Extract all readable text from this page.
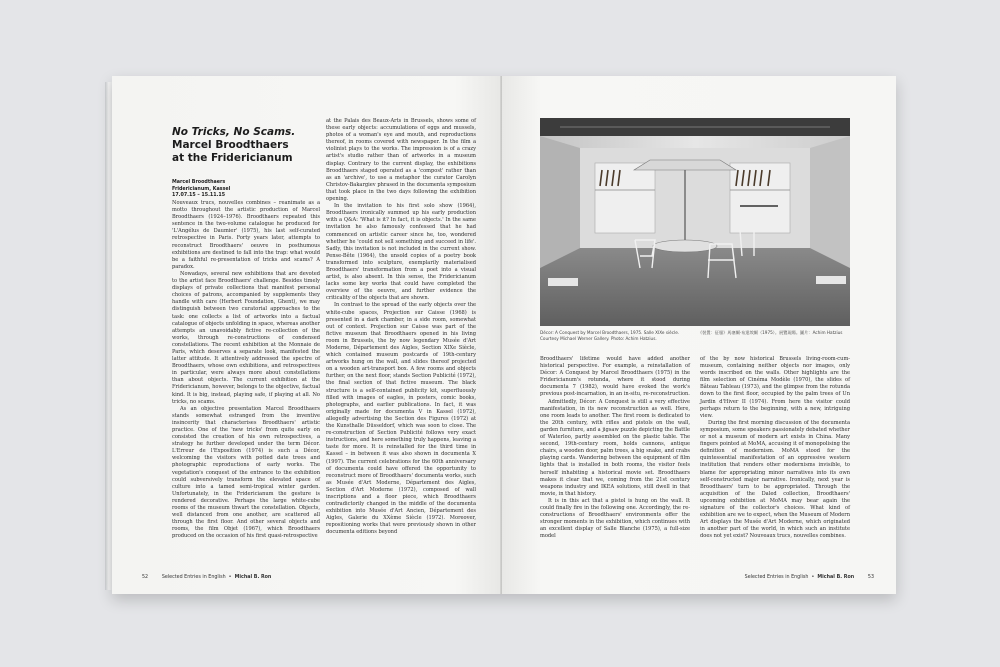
No Tricks, No Scams.
Marcel Broodthaers
at the Fridericianum
Marcel Broodthaers
Fridericianum, Kassel
17.07.15 – 15.11.15

Nouveaux trucs, nouvelles combines – reanimate as a motto throughout the artistic production of Marcel Broodthaers (1924–1976). Broodthaers repeated this sentence in the two-volume catalogue he produced for 'L'Angélus de Daumier' (1975), his last self-curated retrospective in Paris. Forty years later, attempts to reconstruct Broodthaers' oeuvre in posthumous exhibitions are destined to fall into the trap: what would be a faithful re-presentation of tricks and scams? A paradox.

Nowadays, several new exhibitions that are devoted to the artist face Broodthaers' challenge. Besides timely displays of private collections that manifest personal choices of patrons, accompanied by supplements they handle with care (Herbert Foundation, Ghent), we may distinguish between two curatorial approaches to the task: one collects a list of artworks into a factual catalogue of objects unfolding in space, whereas another attempts an unavoidably fictive re-collection of the works, through re-constructions of condensed constellations. The recent exhibition at the Monnaie de Paris, which deserves a separate look, manifested the latter attitude. It attentively addressed the spectre of Broodthaers, whose own exhibitions, and retrospectives in particular, were always more about constellations than about objects. The current exhibition at the Fridericianum, however, belongs to the objective, factual kind. It is big, instead, playing safe, if playing at all. No tricks, no scams.

As an objective presentation Marcel Broodthaers stands somewhat estranged from the inventive insincerity that characterises Broodthaers' artistic practice. One of the 'new tricks' from quite early on consisted the creation of his own retrospectives, a strategy he further developed under the term Décor. L'Erreur de l'Exposition (1974) is such a Décor, welcoming the visitors with potted date trees and photographic reproductions of early works. The vegetation's conquest of the entrance to the exhibition could subversively transform the elevated space of culture into a tamed semi-tropical winter garden. Unfortunately, in the Fridericianum the gesture is rendered decorative. Perhaps the large white-cube rooms of the museum thwart the constellation. Objects, well distanced from one another, are scattered all through the first floor. And other several objects and rooms, the film Objet (1967), which Broodthaers produced on the occasion of his first quasi-retrospective

at the Palais des Beaux-Arts in Brussels, shows some of these early objects: accumulations of eggs and mussels, photos of a woman's eye and mouth, and reproductions thereof, in rooms covered with newspaper. In the film a violinist plays to the works. The impression is of a crazy artist's studio rather than of artworks in a museum display. Contrary to the current display, the exhibitions Broodthaers staged operated as a 'compost' rather than as an 'archive', to use a metaphor the curator Carolyn Christov-Bakargiev phrased in the documenta symposium that took place in the two days following the exhibition opening.

In the invitation to his first solo show (1964), Broodthaers ironically summed up his early production with a Q&A: 'What is it? In fact, it is objects.' In the same invitation he also famously confessed that he had commenced on artistic career since he, too, wondered whether he 'could not sell something and succeed in life'. Sadly, this invitation is not included in the current show. Pense-Bête (1964), the unsold copies of a poetry book transformed into sculpture, exemplarily materialised Broodthaers' transformation from a poet into a visual artist, is also absent. In this sense, the Fridericianum lacks some key works that could have completed the overview of the oeuvre, and further evidence the criticality of the objects that are shown.

In contrast to the spread of the early objects over the white-cube spaces, Projection sur Caisse (1968) is presented in a dark chamber, in a side room, somewhat out of context. Projection sur Caisse was part of the fictive museum that Broodthaers opened in his living room in Brussels, the by now legendary Musée d'Art Moderne, Département des Aigles, Section XIXe Siècle, which contained museum postcards of 19th-century artworks hung on the wall, and slides thereof projected on a wooden art-transport box. A few rooms and objects further, on the next floor, stands Section Publicité (1972), the final section of that fictive museum. The black structure is a self-contained publicity kit, superfluously filled with images of eagles, in posters, comic books, photographs, and earlier publications. In fact, it was originally made for documenta V in Kassel (1972), allegedly advertising the Section des Figures (1972) at the Kunsthalle Düsseldorf, which was soon to close. The re-construction of Section Publicité follows very exact instructions, and here something truly happens, leaving a taste for more. It is reinstalled for the third time in Kassel – in between it was also shown in documenta X (1997). The current celebrations for the 60th anniversary of documenta could have offered the opportunity to reconstruct more of Broodthaers' documenta works, such as Musée d'Art Moderne, Département des Aigles, Section d'Art Moderne (1972), composed of wall inscriptions and a floor piece, which Broodthaers contradictorily changed in the middle of the documenta exhibition into Musée d'Art Ancien, Département des Aigles, Galerie du XXème Siècle (1972). Moreover, repositioning works that were previously shown in other documenta editions beyond

52	Selected Entries in English  •  Michal B. Ron
Décor: A Conquest by Marcel Broodthaers, 1975. Salle XIXe siècle. Courtesy Michael Werner Gallery. Photo: Achim Hatzius.
《裝置：征服》馬塞爾·布達埃爾（1975）。展覽現場。圖片：Achim Hatzius

Broodthaers' lifetime would have added another historical perspective. For example, a reinstallation of Décor: A Conquest by Marcel Broodthaers (1975) in the Fridericianum's rotunda, where it stood during documenta 7 (1982), would have evoked the work's previous post-incarnation, in an in-situ, re-reconstruction.

Admittedly, Décor: A Conquest is still a very effective manifestation, in its new reconstruction as well. Here, one room leads to another. The first room is dedicated to the 20th century, with rifles and pistols on the wall, garden furniture, and a jigsaw puzzle depicting the Battle of Waterloo, partly assembled on the plastic table. The second, 19th-century room, holds cannons, antique chairs, a wooden door, palm trees, a big snake, and crabs playing cards. Wandering between the equipment of film lights that is installed in both rooms, the visitor feels herself inhabiting a historical movie set. Broodthaers makes it clear that we, coming from the 21st century weapons industry and IKEA solutions, still dwell in that movie, in that history.

It is in this act that a pistol is hung on the wall. It could finally fire in the following one. Accordingly, the re-constructions of Broodthaers' environments offer the stronger moments in the exhibition, which continues with an excellent display of Salle Blanche (1975), a full-size model

of the by now historical Brussels living-room-cum-museum, containing neither objects nor images, only words inscribed on the walls. Other highlights are the film selection of Cinéma Modèle (1970), the slides of Bâteau Tableau (1973), and the glimpse from the rotunda down to the first floor, occupied by the palm trees of Un Jardin d'Hiver II (1974). From here the visitor could perhaps return to the beginning, with a new, intriguing view.

During the first morning discussion of the documenta symposium, some speakers passionately debated whether or not a museum of modern art exists in China. Many fingers pointed at MoMA, accusing it of monopolising the definition of modernism. MoMA stood for the quintessential manifestation of an oppressive western institution that renders other modernisms invisible, to blame for appropriating minor narratives into its own self-constructed major narrative. Ironically, next year is Broodthaers' turn to be appropriated. Through the acquisition of the Daled collection, Broodthaers' upcoming exhibition at MoMA may bear again the signature of the collector's choices. What kind of exhibition are we to expect, when the Museum of Modern Art displays the Musée d'Art Moderne, which originated in another part of the world, in which such an institute does not yet exist? Nouveaux trucs, nouvelles combines.

Selected Entries in English  •  Michal B. Ron	53
